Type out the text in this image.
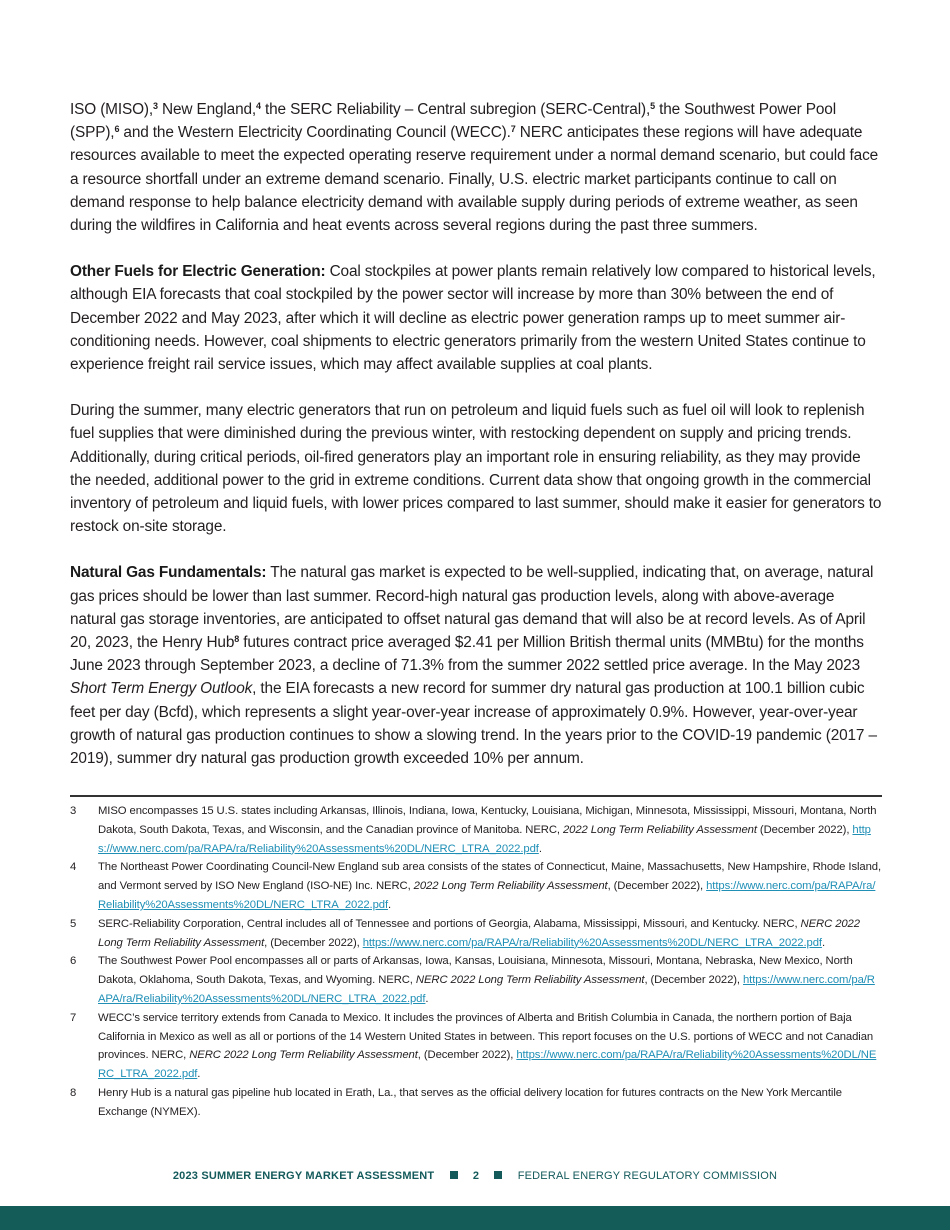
ISO (MISO),$^3$ New England,$^4$ the SERC Reliability – Central subregion (SERC-Central),$^5$ the Southwest Power Pool (SPP),$^6$ and the Western Electricity Coordinating Council (WECC).$^7$ NERC anticipates these regions will have adequate resources available to meet the expected operating reserve requirement under a normal demand scenario, but could face a resource shortfall under an extreme demand scenario. Finally, U.S. electric market participants continue to call on demand response to help balance electricity demand with available supply during periods of extreme weather, as seen during the wildfires in California and heat events across several regions during the past three summers.

Other Fuels for Electric Generation: Coal stockpiles at power plants remain relatively low compared to historical levels, although EIA forecasts that coal stockpiled by the power sector will increase by more than 30% between the end of December 2022 and May 2023, after which it will decline as electric power generation ramps up to meet summer air-conditioning needs. However, coal shipments to electric generators primarily from the western United States continue to experience freight rail service issues, which may affect available supplies at coal plants.

During the summer, many electric generators that run on petroleum and liquid fuels such as fuel oil will look to replenish fuel supplies that were diminished during the previous winter, with restocking dependent on supply and pricing trends. Additionally, during critical periods, oil-fired generators play an important role in ensuring reliability, as they may provide the needed, additional power to the grid in extreme conditions. Current data show that ongoing growth in the commercial inventory of petroleum and liquid fuels, with lower prices compared to last summer, should make it easier for generators to restock on-site storage.

Natural Gas Fundamentals: The natural gas market is expected to be well-supplied, indicating that, on average, natural gas prices should be lower than last summer. Record-high natural gas production levels, along with above-average natural gas storage inventories, are anticipated to offset natural gas demand that will also be at record levels. As of April 20, 2023, the Henry Hub$^8$ futures contract price averaged $2.41 per Million British thermal units (MMBtu) for the months June 2023 through September 2023, a decline of 71.3% from the summer 2022 settled price average. In the May 2023 Short Term Energy Outlook, the EIA forecasts a new record for summer dry natural gas production at 100.1 billion cubic feet per day (Bcfd), which represents a slight year-over-year increase of approximately 0.9%. However, year-over-year growth of natural gas production continues to show a slowing trend. In the years prior to the COVID-19 pandemic (2017 – 2019), summer dry natural gas production growth exceeded 10% per annum.

3	MISO encompasses 15 U.S. states including Arkansas, Illinois, Indiana, Iowa, Kentucky, Louisiana, Michigan, Minnesota, Mississippi, Missouri, Montana, North Dakota, South Dakota, Texas, and Wisconsin, and the Canadian province of Manitoba. NERC, 2022 Long Term Reliability Assessment (December 2022), https://www.nerc.com/pa/RAPA/ra/Reliability%20Assessments%20DL/NERC_LTRA_2022.pdf.
4	The Northeast Power Coordinating Council-New England sub area consists of the states of Connecticut, Maine, Massachusetts, New Hampshire, Rhode Island, and Vermont served by ISO New England (ISO-NE) Inc. NERC, 2022 Long Term Reliability Assessment, (December 2022), https://www.nerc.com/pa/RAPA/ra/Reliability%20Assessments%20DL/NERC_LTRA_2022.pdf.
5	SERC-Reliability Corporation, Central includes all of Tennessee and portions of Georgia, Alabama, Mississippi, Missouri, and Kentucky. NERC, NERC 2022 Long Term Reliability Assessment, (December 2022), https://www.nerc.com/pa/RAPA/ra/Reliability%20Assessments%20DL/NERC_LTRA_2022.pdf.
6	The Southwest Power Pool encompasses all or parts of Arkansas, Iowa, Kansas, Louisiana, Minnesota, Missouri, Montana, Nebraska, New Mexico, North Dakota, Oklahoma, South Dakota, Texas, and Wyoming. NERC, NERC 2022 Long Term Reliability Assessment, (December 2022), https://www.nerc.com/pa/RAPA/ra/Reliability%20Assessments%20DL/NERC_LTRA_2022.pdf.
7	WECC’s service territory extends from Canada to Mexico. It includes the provinces of Alberta and British Columbia in Canada, the northern portion of Baja California in Mexico as well as all or portions of the 14 Western United States in between. This report focuses on the U.S. portions of WECC and not Canadian provinces. NERC, NERC 2022 Long Term Reliability Assessment, (December 2022), https://www.nerc.com/pa/RAPA/ra/Reliability%20Assessments%20DL/NERC_LTRA_2022.pdf.
8	Henry Hub is a natural gas pipeline hub located in Erath, La., that serves as the official delivery location for futures contracts on the New York Mercantile Exchange (NYMEX).
2023 SUMMER ENERGY MARKET ASSESSMENT	2	FEDERAL ENERGY REGULATORY COMMISSION
